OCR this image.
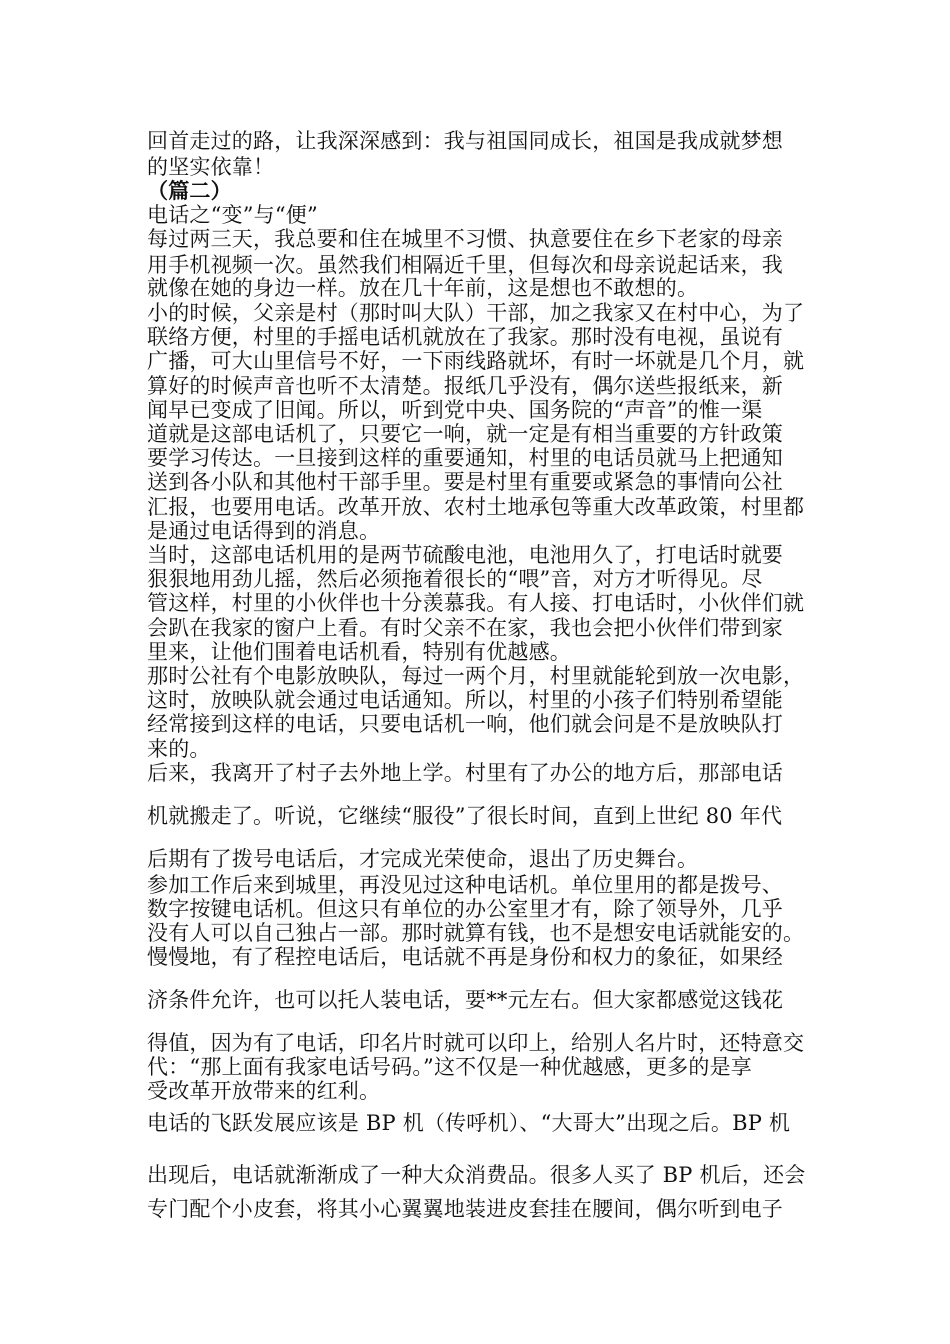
回首走过的路，让我深深感到：我与祖国同成长，祖国是我成就梦想
的坚实依靠！
（篇二）
电话之“变”与“便”
每过两三天，我总要和住在城里不习惯、执意要住在乡下老家的母亲
用手机视频一次。虽然我们相隔近千里，但每次和母亲说起话来，我
就像在她的身边一样。放在几十年前，这是想也不敢想的。
小的时候，父亲是村（那时叫大队）干部，加之我家又在村中心，为了
联络方便，村里的手摇电话机就放在了我家。那时没有电视，虽说有
广播，可大山里信号不好，一下雨线路就坏，有时一坏就是几个月，就
算好的时候声音也听不太清楚。报纸几乎没有，偶尔送些报纸来，新
闻早已变成了旧闻。所以，听到党中央、国务院的“声音”的惟一渠
道就是这部电话机了，只要它一响，就一定是有相当重要的方针政策
要学习传达。一旦接到这样的重要通知，村里的电话员就马上把通知
送到各小队和其他村干部手里。要是村里有重要或紧急的事情向公社
汇报，也要用电话。改革开放、农村土地承包等重大改革政策，村里都
是通过电话得到的消息。
当时，这部电话机用的是两节硫酸电池，电池用久了，打电话时就要
狠狠地用劲儿摇，然后必须拖着很长的“喂”音，对方才听得见。尽
管这样，村里的小伙伴也十分羡慕我。有人接、打电话时，小伙伴们就
会趴在我家的窗户上看。有时父亲不在家，我也会把小伙伴们带到家
里来，让他们围着电话机看，特别有优越感。
那时公社有个电影放映队，每过一两个月，村里就能轮到放一次电影，
这时，放映队就会通过电话通知。所以，村里的小孩子们特别希望能
经常接到这样的电话，只要电话机一响，他们就会问是不是放映队打
来的。
后来，我离开了村子去外地上学。村里有了办公的地方后，那部电话
机就搬走了。听说，它继续“服役”了很长时间，直到上世纪 80 年代
后期有了拨号电话后，才完成光荣使命，退出了历史舞台。
参加工作后来到城里，再没见过这种电话机。单位里用的都是拨号、
数字按键电话机。但这只有单位的办公室里才有，除了领导外，几乎
没有人可以自己独占一部。那时就算有钱，也不是想安电话就能安的。
慢慢地，有了程控电话后，电话就不再是身份和权力的象征，如果经
济条件允许，也可以托人装电话，要**元左右。但大家都感觉这钱花
得值，因为有了电话，印名片时就可以印上，给别人名片时，还特意交
代：“那上面有我家电话号码。”这不仅是一种优越感，更多的是享
受改革开放带来的红利。
电话的飞跃发展应该是 BP 机（传呼机）、“大哥大”出现之后。BP 机
出现后，电话就渐渐成了一种大众消费品。很多人买了 BP 机后，还会
专门配个小皮套，将其小心翼翼地装进皮套挂在腰间，偶尔听到电子
